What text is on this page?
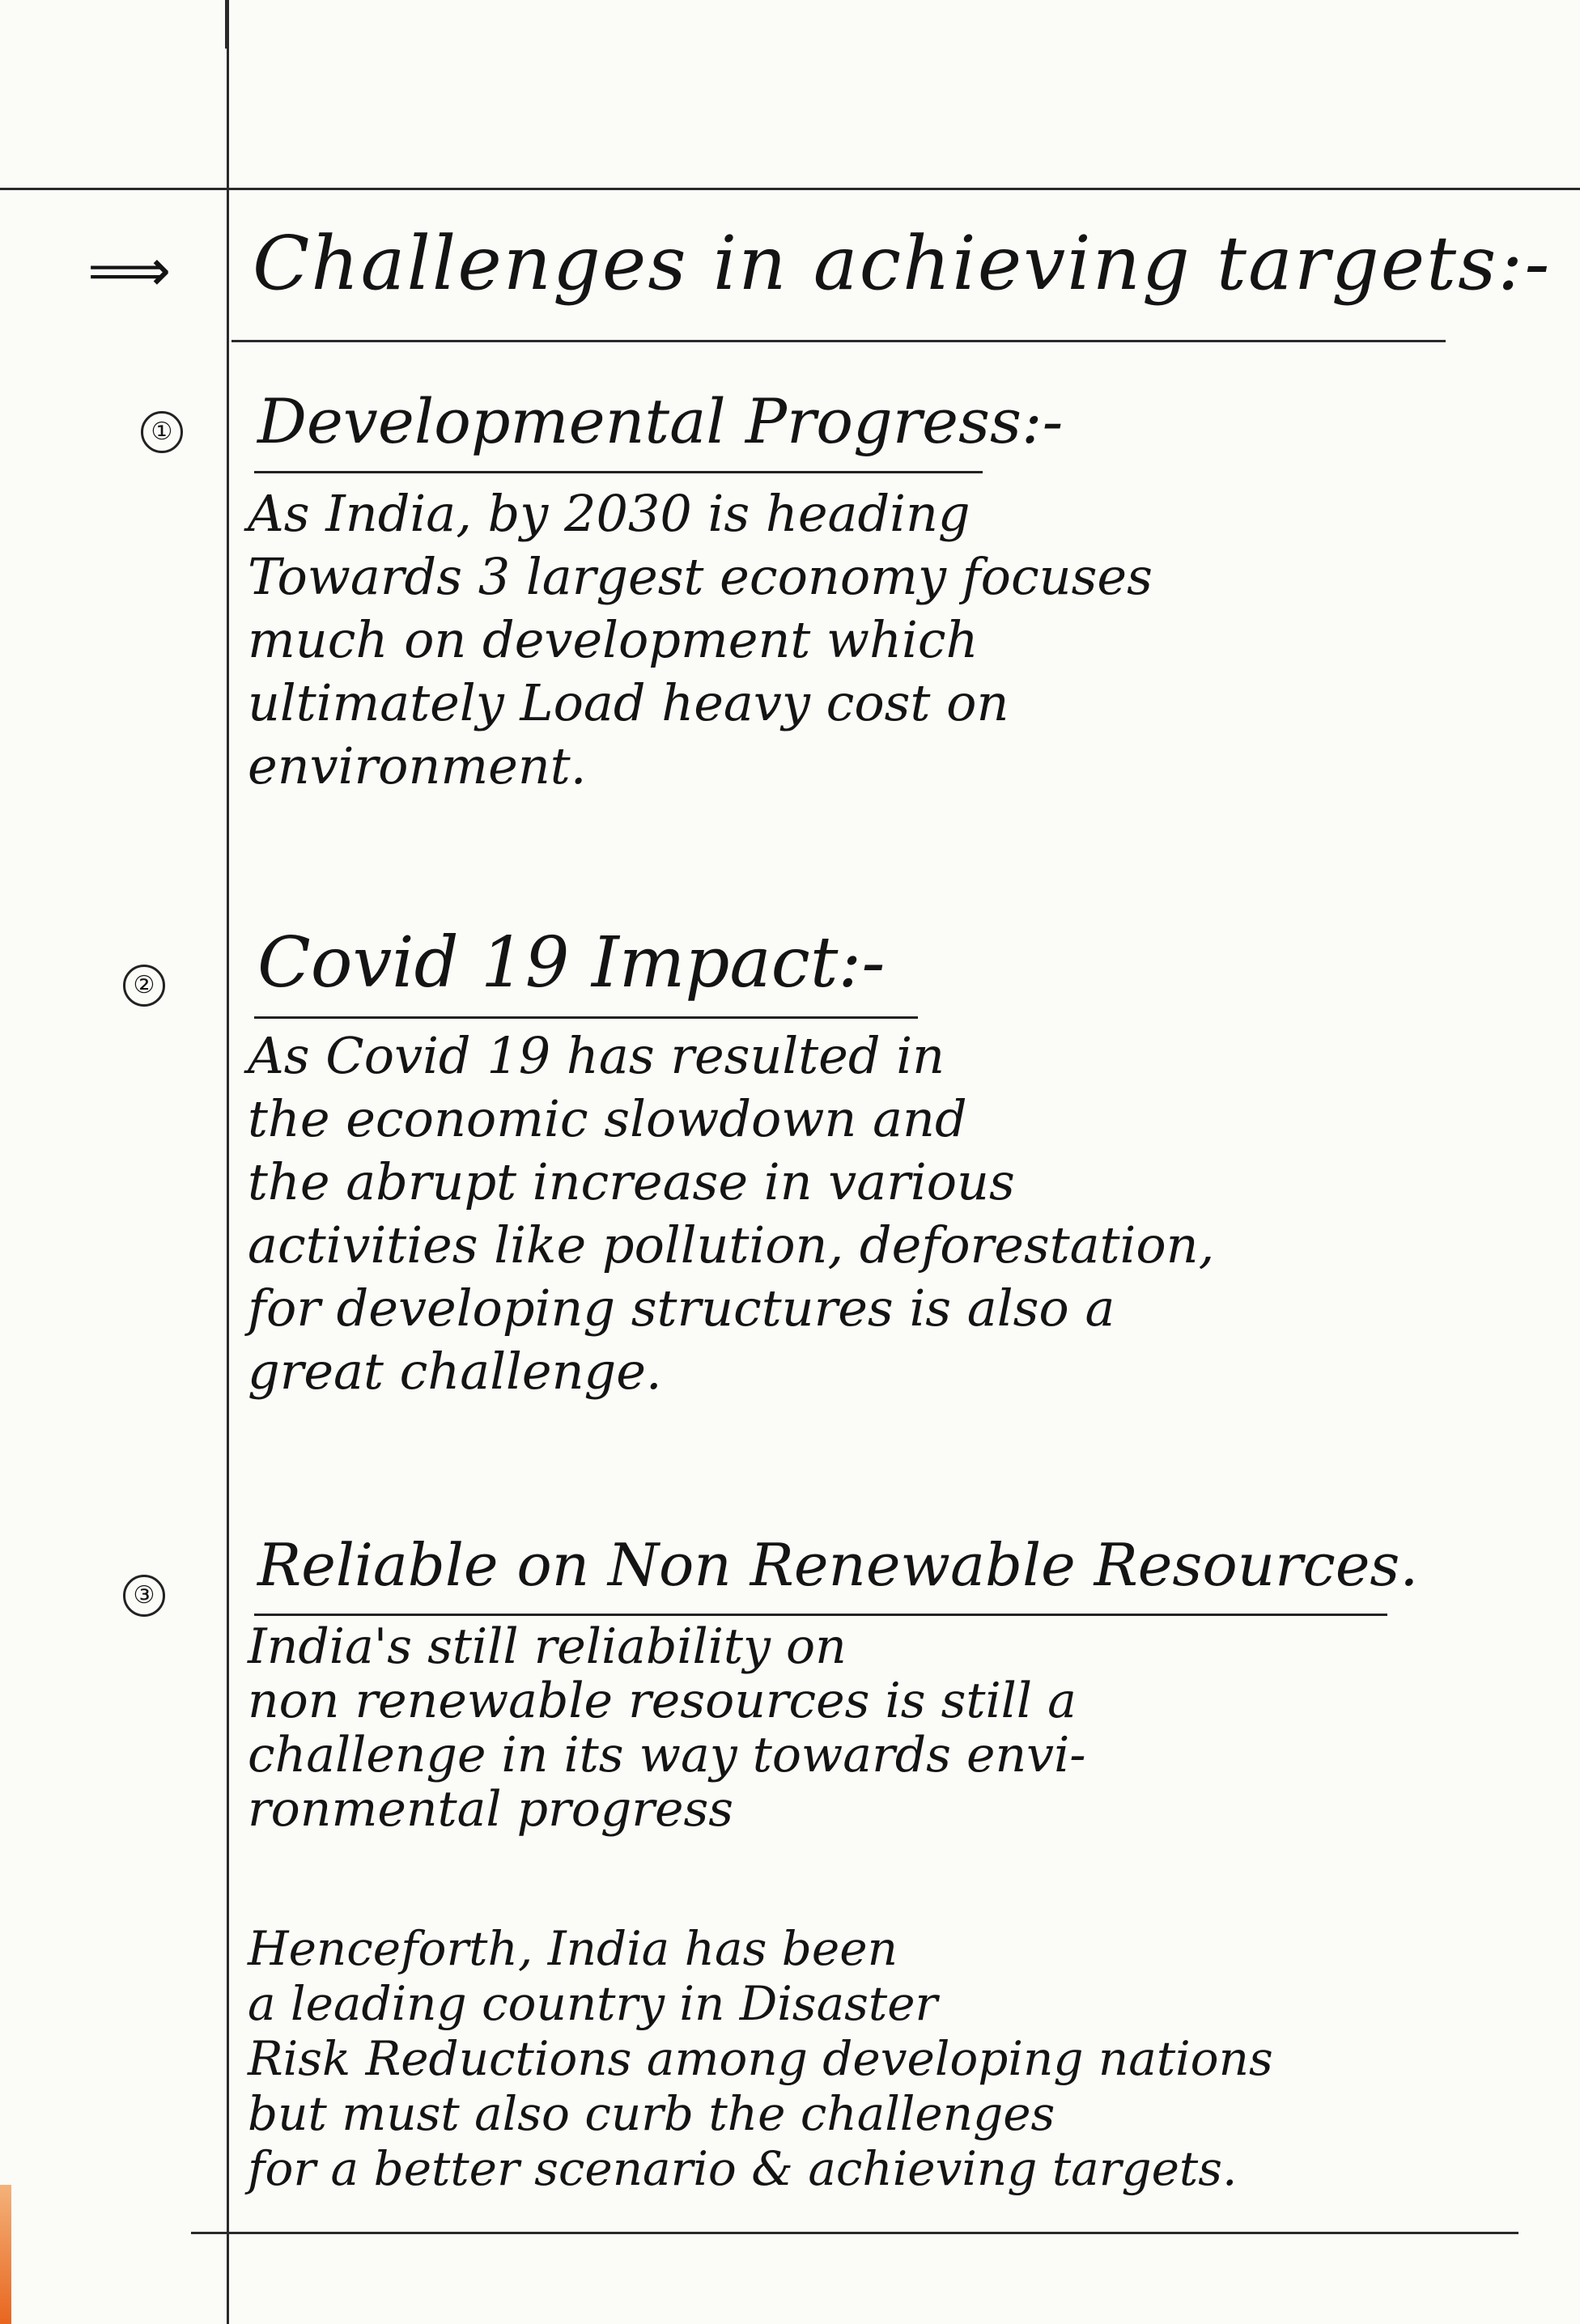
⟹ Challenges in achieving targets:-
① Developmental Progress:-
As India, by 2030 is heading
Towards 3 largest economy focuses
much on development which
ultimately Load heavy cost on
environment.
② Covid 19 Impact:-
As Covid 19 has resulted in
the economic slowdown and
the abrupt increase in various
activities like pollution, deforestation,
for developing structures is also a
great challenge.
③ Reliable on Non Renewable Resources.
India's still reliability on
non renewable resources is still a
challenge in its way towards envi-
ronmental progress
Henceforth, India has been
a leading country in Disaster
Risk Reductions among developing nations
but must also curb the challenges
for a better scenario & achieving targets.
